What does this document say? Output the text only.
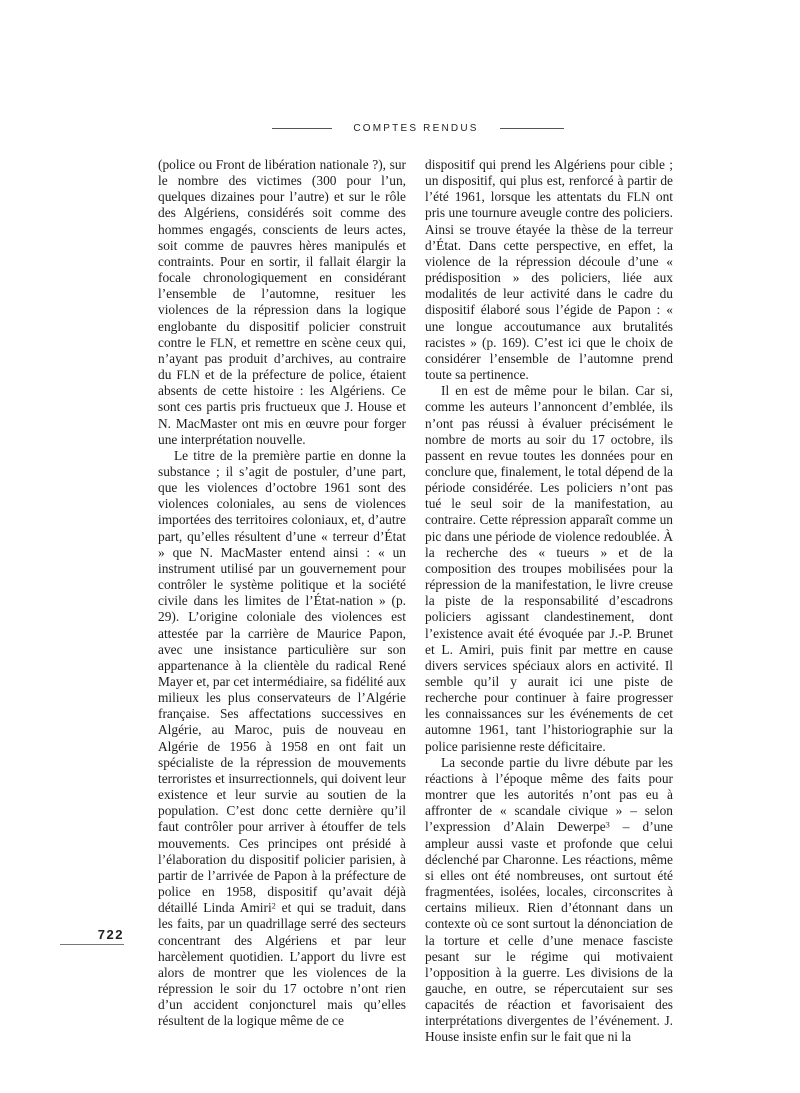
COMPTES RENDUS

(police ou Front de libération nationale ?), sur le nombre des victimes (300 pour l’un, quelques dizaines pour l’autre) et sur le rôle des Algériens, considérés soit comme des hommes engagés, conscients de leurs actes, soit comme de pauvres hères manipulés et contraints. Pour en sortir, il fallait élargir la focale chronologiquement en considérant l’ensemble de l’automne, resituer les violences de la répression dans la logique englobante du dispositif policier construit contre le FLN, et remettre en scène ceux qui, n’ayant pas produit d’archives, au contraire du FLN et de la préfecture de police, étaient absents de cette histoire : les Algériens. Ce sont ces partis pris fructueux que J. House et N. MacMaster ont mis en œuvre pour forger une interprétation nouvelle.

Le titre de la première partie en donne la substance ; il s’agit de postuler, d’une part, que les violences d’octobre 1961 sont des violences coloniales, au sens de violences importées des territoires coloniaux, et, d’autre part, qu’elles résultent d’une « terreur d’État » que N. MacMaster entend ainsi : « un instrument utilisé par un gouvernement pour contrôler le système politique et la société civile dans les limites de l’État-nation » (p. 29). L’origine coloniale des violences est attestée par la carrière de Maurice Papon, avec une insistance particulière sur son appartenance à la clientèle du radical René Mayer et, par cet intermédiaire, sa fidélité aux milieux les plus conservateurs de l’Algérie française. Ses affectations successives en Algérie, au Maroc, puis de nouveau en Algérie de 1956 à 1958 en ont fait un spécialiste de la répression de mouvements terroristes et insurrectionnels, qui doivent leur existence et leur survie au soutien de la population. C’est donc cette dernière qu’il faut contrôler pour arriver à étouffer de tels mouvements. Ces principes ont présidé à l’élaboration du dispositif policier parisien, à partir de l’arrivée de Papon à la préfecture de police en 1958, dispositif qu’avait déjà détaillé Linda Amiri$^2$ et qui se traduit, dans les faits, par un quadrillage serré des secteurs concentrant des Algériens et par leur harcèlement quotidien. L’apport du livre est alors de montrer que les violences de la répression le soir du 17 octobre n’ont rien d’un accident conjoncturel mais qu’elles résultent de la logique même de ce

dispositif qui prend les Algériens pour cible ; un dispositif, qui plus est, renforcé à partir de l’été 1961, lorsque les attentats du FLN ont pris une tournure aveugle contre des policiers. Ainsi se trouve étayée la thèse de la terreur d’État. Dans cette perspective, en effet, la violence de la répression découle d’une « prédisposition » des policiers, liée aux modalités de leur activité dans le cadre du dispositif élaboré sous l’égide de Papon : « une longue accoutumance aux brutalités racistes » (p. 169). C’est ici que le choix de considérer l’ensemble de l’automne prend toute sa pertinence.

Il en est de même pour le bilan. Car si, comme les auteurs l’annoncent d’emblée, ils n’ont pas réussi à évaluer précisément le nombre de morts au soir du 17 octobre, ils passent en revue toutes les données pour en conclure que, finalement, le total dépend de la période considérée. Les policiers n’ont pas tué le seul soir de la manifestation, au contraire. Cette répression apparaît comme un pic dans une période de violence redoublée. À la recherche des « tueurs » et de la composition des troupes mobilisées pour la répression de la manifestation, le livre creuse la piste de la responsabilité d’escadrons policiers agissant clandestinement, dont l’existence avait été évoquée par J.-P. Brunet et L. Amiri, puis finit par mettre en cause divers services spéciaux alors en activité. Il semble qu’il y aurait ici une piste de recherche pour continuer à faire progresser les connaissances sur les événements de cet automne 1961, tant l’historiographie sur la police parisienne reste déficitaire.

La seconde partie du livre débute par les réactions à l’époque même des faits pour montrer que les autorités n’ont pas eu à affronter de « scandale civique » – selon l’expression d’Alain Dewerpe$^3$ – d’une ampleur aussi vaste et profonde que celui déclenché par Charonne. Les réactions, même si elles ont été nombreuses, ont surtout été fragmentées, isolées, locales, circonscrites à certains milieux. Rien d’étonnant dans un contexte où ce sont surtout la dénonciation de la torture et celle d’une menace fasciste pesant sur le régime qui motivaient l’opposition à la guerre. Les divisions de la gauche, en outre, se répercutaient sur ses capacités de réaction et favorisaient des interprétations divergentes de l’événement. J. House insiste enfin sur le fait que ni la

722
